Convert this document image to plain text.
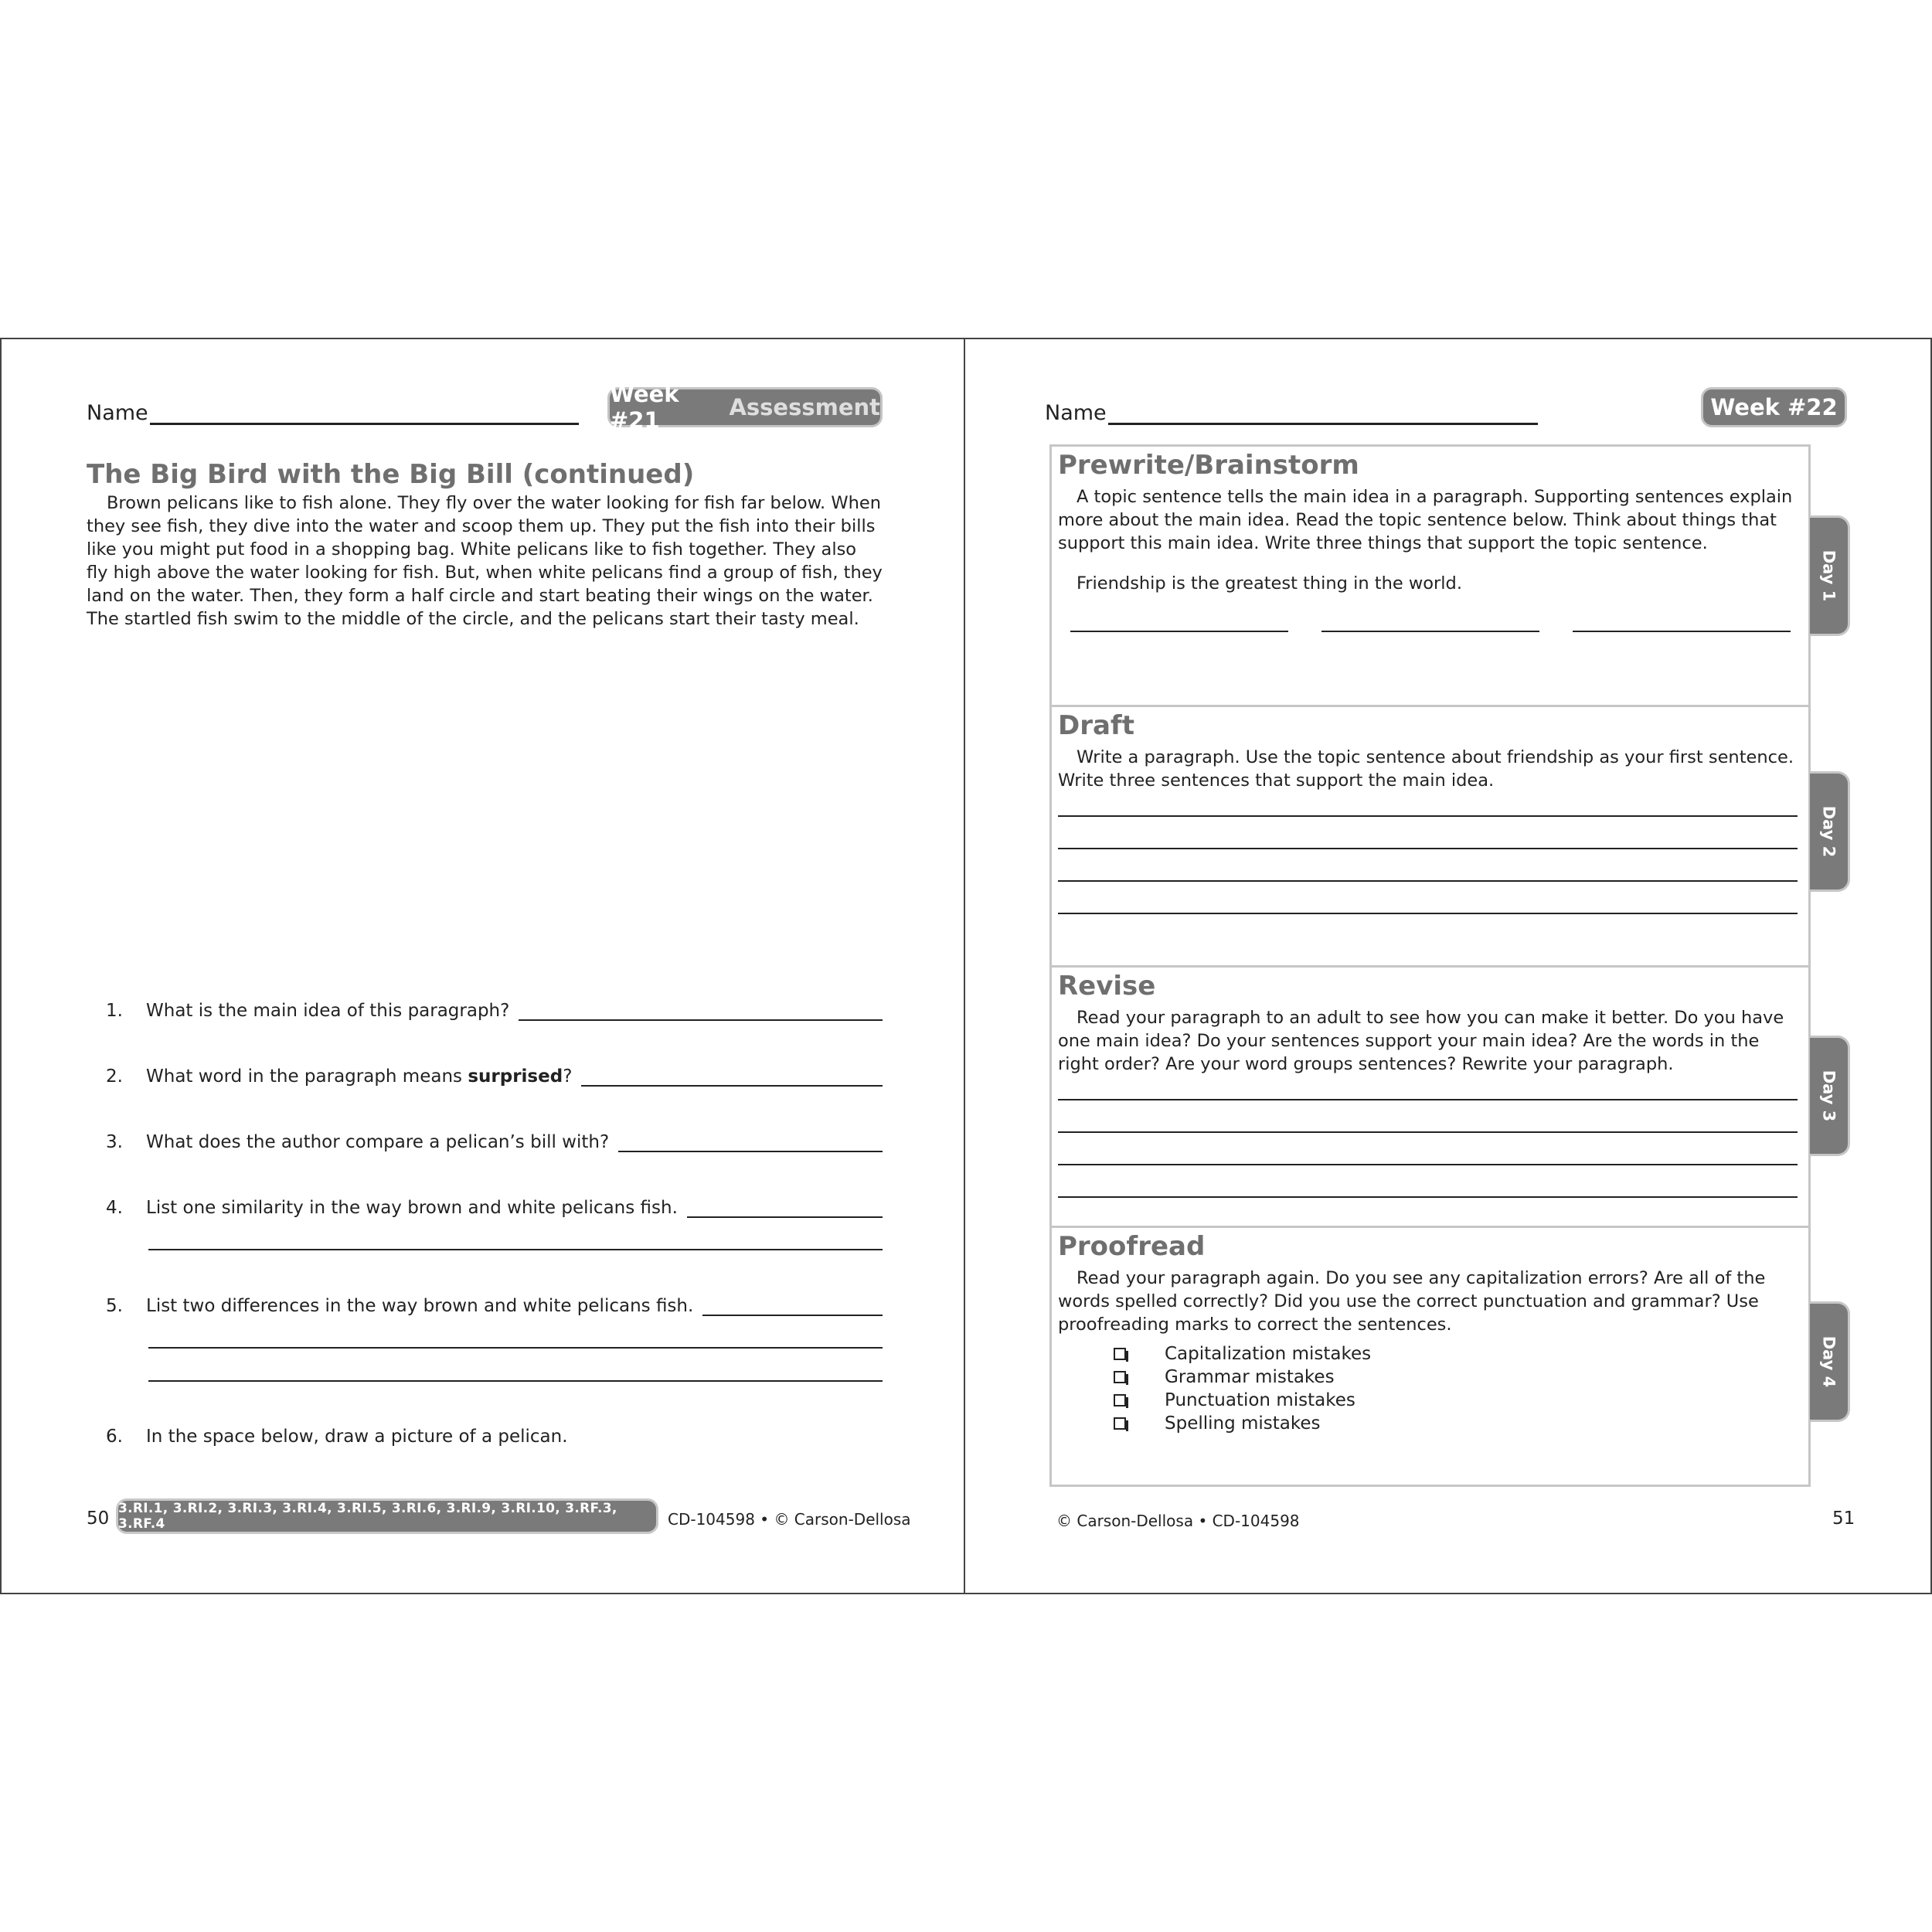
Name
Week #21	Assessment
The Big Bird with the Big Bill (continued)

Brown pelicans like to fish alone. They fly over the water looking for fish far below. When they see fish, they dive into the water and scoop them up. They put the fish into their bills like you might put food in a shopping bag. White pelicans like to fish together. They also fly high above the water looking for fish. But, when white pelicans find a group of fish, they land on the water. Then, they form a half circle and start beating their wings on the water. The startled fish swim to the middle of the circle, and the pelicans start their tasty meal.

1.	What is the main idea of this paragraph?
2.	What word in the paragraph means surprised?
3.	What does the author compare a pelican’s bill with?
4.	List one similarity in the way brown and white pelicans fish.
5.	List two differences in the way brown and white pelicans fish.
6.	In the space below, draw a picture of a pelican.
50 3.RI.1, 3.RI.2, 3.RI.3, 3.RI.4, 3.RI.5, 3.RI.6, 3.RI.9, 3.RI.10, 3.RF.3, 3.RF.4	CD-104598 • © Carson-Dellosa
Name	Week #22
Prewrite/Brainstorm

A topic sentence tells the main idea in a paragraph. Supporting sentences explain more about the main idea. Read the topic sentence below. Think about things that support this main idea. Write three things that support the topic sentence.

Friendship is the greatest thing in the world.
Draft

Write a paragraph. Use the topic sentence about friendship as your first sentence. Write three sentences that support the main idea.

Revise

Read your paragraph to an adult to see how you can make it better. Do you have one main idea? Do your sentences support your main idea? Are the words in the right order? Are your word groups sentences? Rewrite your paragraph.

Proofread

Read your paragraph again. Do you see any capitalization errors? Are all of the words spelled correctly? Did you use the correct punctuation and grammar? Use proofreading marks to correct the sentences.

Capitalization mistakes
Grammar mistakes
Punctuation mistakes
Spelling mistakes
Day 1
Day 2
Day 3
Day 4
© Carson-Dellosa • CD-104598	51
